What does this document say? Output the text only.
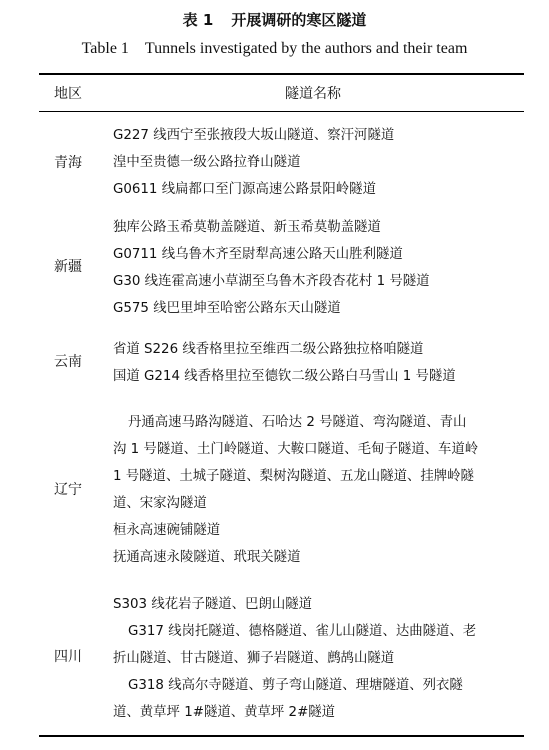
表 1 开展调研的寒区隧道
Table 1 Tunnels investigated by the authors and their team
地区	隧道名称
青海
G227 线西宁至张掖段大坂山隧道、察汗河隧道
湟中至贵德一级公路拉脊山隧道
G0611 线扁都口至门源高速公路景阳岭隧道
新疆
独库公路玉希莫勒盖隧道、新玉希莫勒盖隧道
G0711 线乌鲁木齐至尉犁高速公路天山胜利隧道
G30 线连霍高速小草湖至乌鲁木齐段杏花村 1 号隧道
G575 线巴里坤至哈密公路东天山隧道
云南
省道 S226 线香格里拉至维西二级公路独拉格咱隧道
国道 G214 线香格里拉至德钦二级公路白马雪山 1 号隧道
辽宁
丹通高速马路沟隧道、石哈达 2 号隧道、弯沟隧道、青山
沟 1 号隧道、土门岭隧道、大鞍口隧道、毛甸子隧道、车道岭
1 号隧道、土城子隧道、梨树沟隧道、五龙山隧道、挂牌岭隧
道、宋家沟隧道
桓永高速碗铺隧道
抚通高速永陵隧道、玳珉关隧道
四川
S303 线花岩子隧道、巴朗山隧道
G317 线岗托隧道、德格隧道、雀儿山隧道、达曲隧道、老
折山隧道、甘古隧道、狮子岩隧道、鹧鸪山隧道
G318 线高尔寺隧道、剪子弯山隧道、理塘隧道、列衣隧
道、黄草坪 1#隧道、黄草坪 2#隧道
